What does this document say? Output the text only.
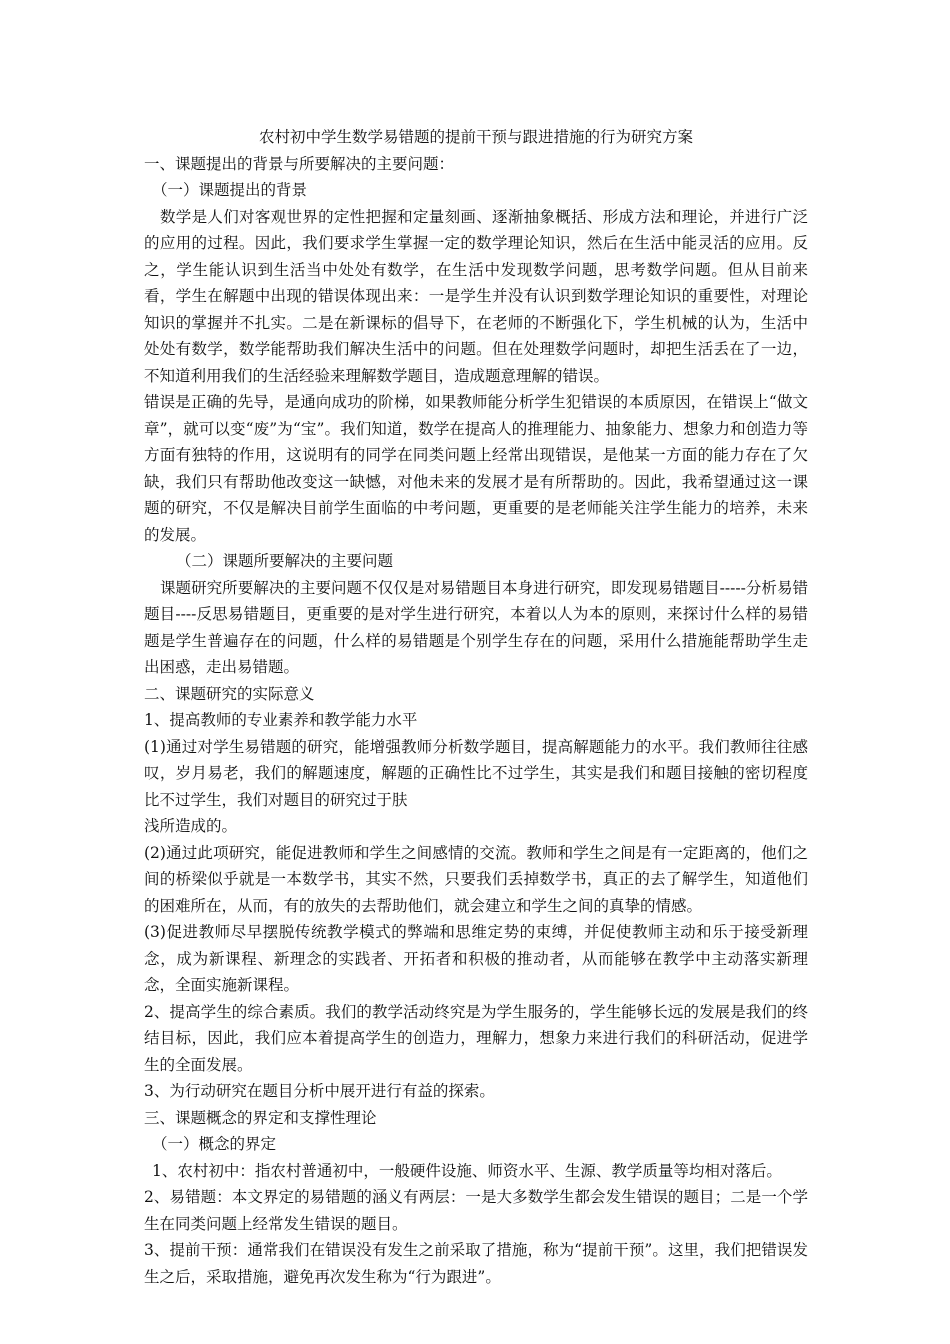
农村初中学生数学易错题的提前干预与跟进措施的行为研究方案

一、课题提出的背景与所要解决的主要问题：

（一）课题提出的背景

数学是人们对客观世界的定性把握和定量刻画、逐渐抽象概括、形成方法和理论，并进行广泛的应用的过程。因此，我们要求学生掌握一定的数学理论知识，然后在生活中能灵活的应用。反之，学生能认识到生活当中处处有数学，在生活中发现数学问题，思考数学问题。但从目前来看，学生在解题中出现的错误体现出来：一是学生并没有认识到数学理论知识的重要性，对理论知识的掌握并不扎实。二是在新课标的倡导下，在老师的不断强化下，学生机械的认为，生活中处处有数学，数学能帮助我们解决生活中的问题。但在处理数学问题时，却把生活丢在了一边，不知道利用我们的生活经验来理解数学题目，造成题意理解的错误。

错误是正确的先导，是通向成功的阶梯，如果教师能分析学生犯错误的本质原因，在错误上“做文章”，就可以变“废”为“宝”。我们知道，数学在提高人的推理能力、抽象能力、想象力和创造力等方面有独特的作用，这说明有的同学在同类问题上经常出现错误，是他某一方面的能力存在了欠缺，我们只有帮助他改变这一缺憾，对他未来的发展才是有所帮助的。因此，我希望通过这一课题的研究，不仅是解决目前学生面临的中考问题，更重要的是老师能关注学生能力的培养，未来的发展。

（二）课题所要解决的主要问题

课题研究所要解决的主要问题不仅仅是对易错题目本身进行研究，即发现易错题目-----分析易错题目----反思易错题目，更重要的是对学生进行研究，本着以人为本的原则，来探讨什么样的易错题是学生普遍存在的问题，什么样的易错题是个别学生存在的问题，采用什么措施能帮助学生走出困惑，走出易错题。

二、课题研究的实际意义

1、提高教师的专业素养和教学能力水平

(1)通过对学生易错题的研究，能增强教师分析数学题目，提高解题能力的水平。我们教师往往感叹，岁月易老，我们的解题速度，解题的正确性比不过学生，其实是我们和题目接触的密切程度比不过学生，我们对题目的研究过于肤

浅所造成的。

(2)通过此项研究，能促进教师和学生之间感情的交流。教师和学生之间是有一定距离的，他们之间的桥梁似乎就是一本数学书，其实不然，只要我们丢掉数学书，真正的去了解学生，知道他们的困难所在，从而，有的放失的去帮助他们，就会建立和学生之间的真挚的情感。

(3)促进教师尽早摆脱传统教学模式的弊端和思维定势的束缚，并促使教师主动和乐于接受新理念，成为新课程、新理念的实践者、开拓者和积极的推动者，从而能够在教学中主动落实新理念，全面实施新课程。

2、提高学生的综合素质。我们的教学活动终究是为学生服务的，学生能够长远的发展是我们的终结目标，因此，我们应本着提高学生的创造力，理解力，想象力来进行我们的科研活动，促进学生的全面发展。

3、为行动研究在题目分析中展开进行有益的探索。

三、课题概念的界定和支撑性理论

（一）概念的界定

1、农村初中：指农村普通初中，一般硬件设施、师资水平、生源、教学质量等均相对落后。

2、易错题：本文界定的易错题的涵义有两层：一是大多数学生都会发生错误的题目；二是一个学生在同类问题上经常发生错误的题目。

3、提前干预：通常我们在错误没有发生之前采取了措施，称为“提前干预”。这里，我们把错误发生之后，采取措施，避免再次发生称为“行为跟进”。
